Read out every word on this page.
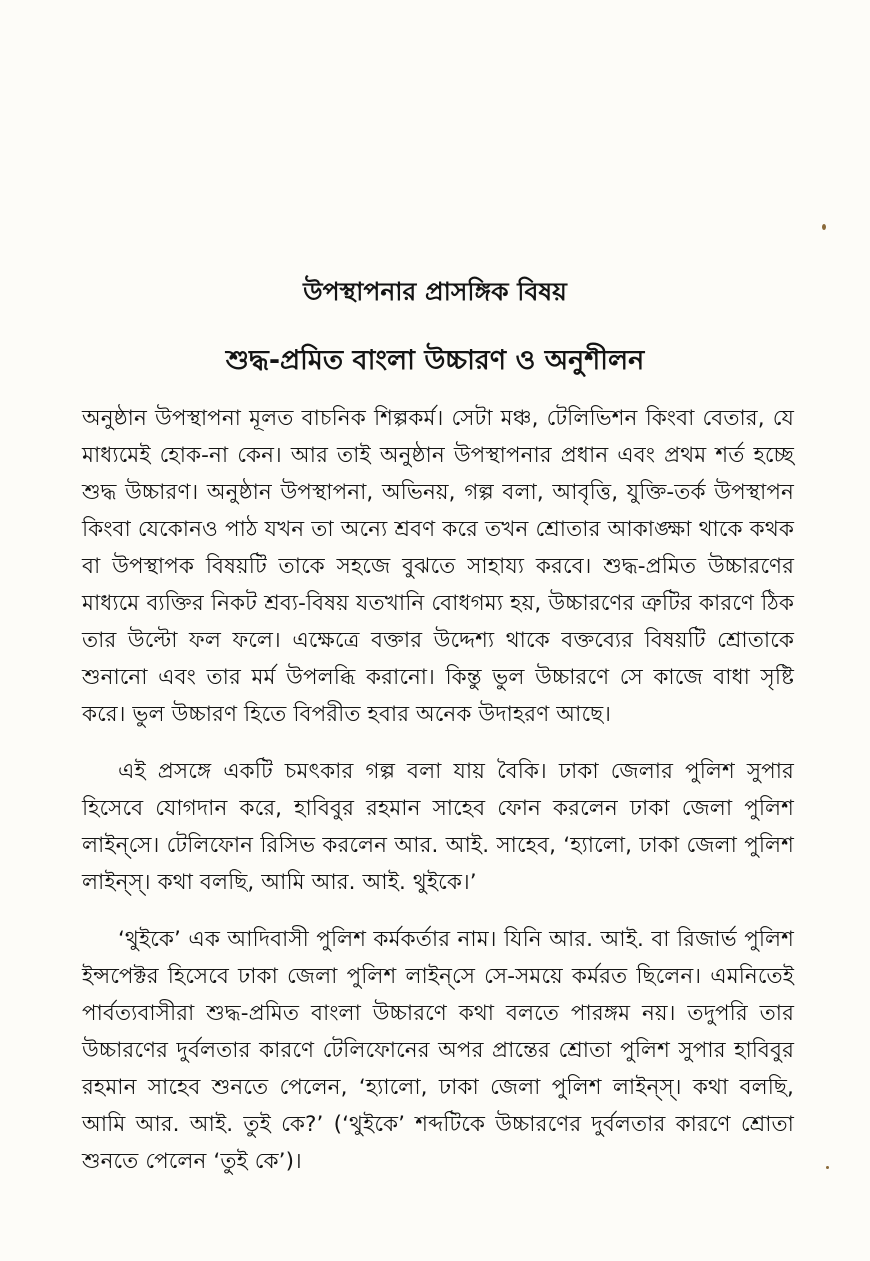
উপস্থাপনার প্রাসঙ্গিক বিষয়
শুদ্ধ-প্রমিত বাংলা উচ্চারণ ও অনুশীলন

অনুষ্ঠান উপস্থাপনা মূলত বাচনিক শিল্পকর্ম। সেটা মঞ্চ, টেলিভিশন কিংবা বেতার, যে মাধ্যমেই হোক-না কেন। আর তাই অনুষ্ঠান উপস্থাপনার প্রধান এবং প্রথম শর্ত হচ্ছে শুদ্ধ উচ্চারণ। অনুষ্ঠান উপস্থাপনা, অভিনয়, গল্প বলা, আবৃত্তি, যুক্তি-তর্ক উপস্থাপন কিংবা যেকোনও পাঠ যখন তা অন্যে শ্রবণ করে তখন শ্রোতার আকাঙ্ক্ষা থাকে কথক বা উপস্থাপক বিষয়টি তাকে সহজে বুঝতে সাহায্য করবে। শুদ্ধ-প্রমিত উচ্চারণের মাধ্যমে ব্যক্তির নিকট শ্রব্য-বিষয় যতখানি বোধগম্য হয়, উচ্চারণের ত্রুটির কারণে ঠিক তার উল্টো ফল ফলে। এক্ষেত্রে বক্তার উদ্দেশ্য থাকে বক্তব্যের বিষয়টি শ্রোতাকে শুনানো এবং তার মর্ম উপলব্ধি করানো। কিন্তু ভুল উচ্চারণে সে কাজে বাধা সৃষ্টি করে। ভুল উচ্চারণ হিতে বিপরীত হবার অনেক উদাহরণ আছে।

এই প্রসঙ্গে একটি চমৎকার গল্প বলা যায় বৈকি। ঢাকা জেলার পুলিশ সুপার হিসেবে যোগদান করে, হাবিবুর রহমান সাহেব ফোন করলেন ঢাকা জেলা পুলিশ লাইন্‌সে। টেলিফোন রিসিভ করলেন আর. আই. সাহেব, ‘হ্যালো, ঢাকা জেলা পুলিশ লাইন্‌স্। কথা বলছি, আমি আর. আই. থুইকে।’

‘থুইকে’ এক আদিবাসী পুলিশ কর্মকর্তার নাম। যিনি আর. আই. বা রিজার্ভ পুলিশ ইন্সপেক্টর হিসেবে ঢাকা জেলা পুলিশ লাইন্‌সে সে-সময়ে কর্মরত ছিলেন। এমনিতেই পার্বত্যবাসীরা শুদ্ধ-প্রমিত বাংলা উচ্চারণে কথা বলতে পারঙ্গম নয়। তদুপরি তার উচ্চারণের দুর্বলতার কারণে টেলিফোনের অপর প্রান্তের শ্রোতা পুলিশ সুপার হাবিবুর রহমান সাহেব শুনতে পেলেন, ‘হ্যালো, ঢাকা জেলা পুলিশ লাইন্‌স্। কথা বলছি, আমি আর. আই. তুই কে?’ (‘থুইকে’ শব্দটিকে উচ্চারণের দুর্বলতার কারণে শ্রোতা শুনতে পেলেন ‘তুই কে’)।
